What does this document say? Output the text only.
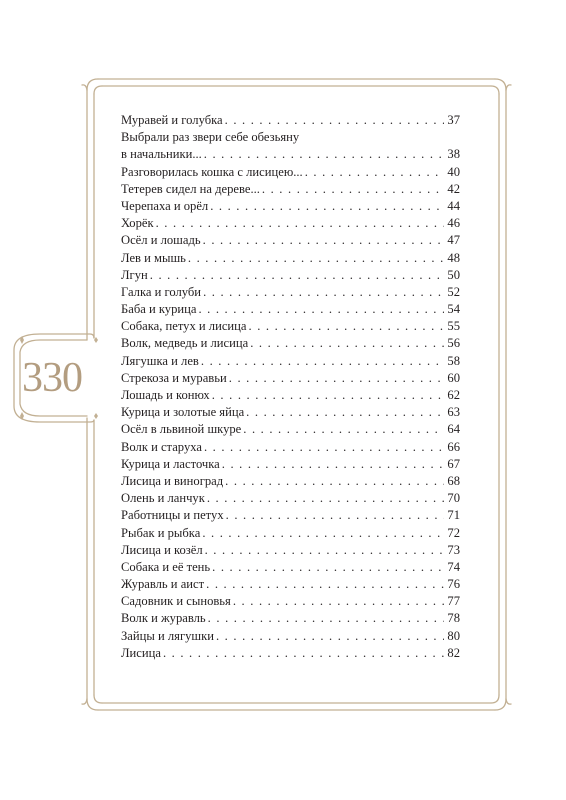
330
Муравей и голубка . . .	37
Выбрали раз звери себе обезьяну
в начальники... . . .	38
Разговорилась кошка с лисицею... . . .	40
Тетерев сидел на дереве... . . .	42
Черепаха и орёл . . .	44
Хорёк . . .	46
Осёл и лошадь . . .	47
Лев и мышь . . .	48
Лгун . . .	50
Галка и голуби . . .	52
Баба и курица . . .	54
Собака, петух и лисица . . .	55
Волк, медведь и лисица . . .	56
Лягушка и лев . . .	58
Стрекоза и муравьи . . .	60
Лошадь и конюх . . .	62
Курица и золотые яйца . . .	63
Осёл в львиной шкуре . . .	64
Волк и старуха . . .	66
Курица и ласточка . . .	67
Лисица и виноград . . .	68
Олень и ланчук . . .	70
Работницы и петух . . .	71
Рыбак и рыбка . . .	72
Лисица и козёл . . .	73
Собака и её тень . . .	74
Журавль и аист . . .	76
Садовник и сыновья . . .	77
Волк и журавль . . .	78
Зайцы и лягушки . . .	80
Лисица . . .	82
